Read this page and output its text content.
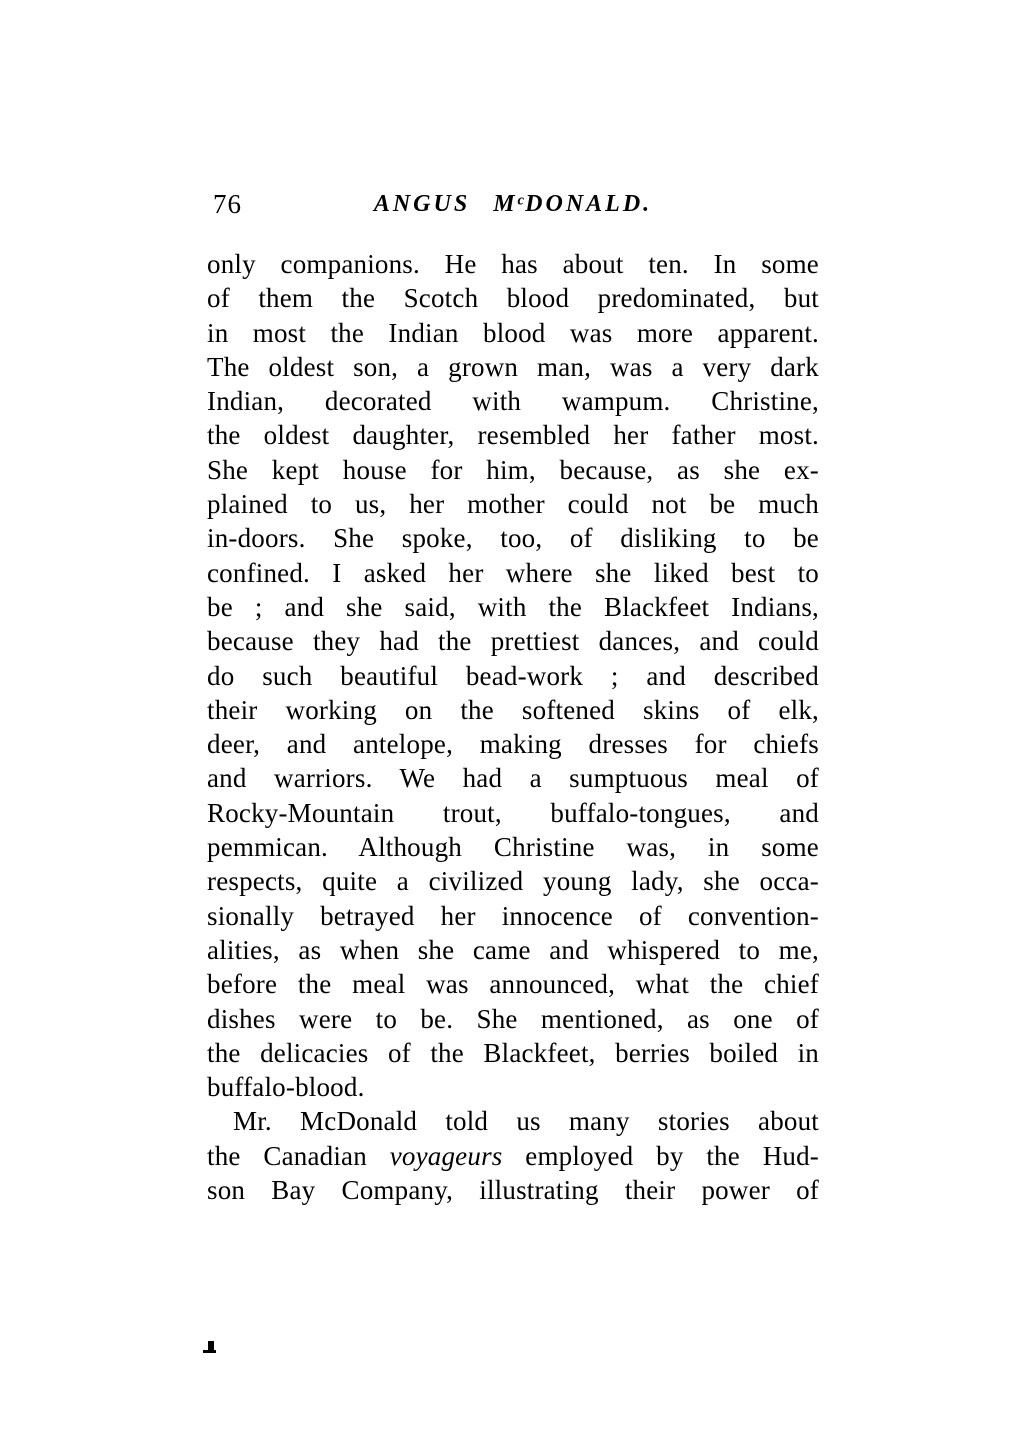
76	ANGUS $M^cDONALD$.
only companions. He has about ten. In some
of them the Scotch blood predominated, but
in most the Indian blood was more apparent.
The oldest son, a grown man, was a very dark
Indian, decorated with wampum. Christine,
the oldest daughter, resembled her father most.
She kept house for him, because, as she ex-
plained to us, her mother could not be much
in-doors. She spoke, too, of disliking to be
confined. I asked her where she liked best to
be ; and she said, with the Blackfeet Indians,
because they had the prettiest dances, and could
do such beautiful bead-work ; and described
their working on the softened skins of elk,
deer, and antelope, making dresses for chiefs
and warriors. We had a sumptuous meal of
Rocky-Mountain trout, buffalo-tongues, and
pemmican. Although Christine was, in some
respects, quite a civilized young lady, she occa-
sionally betrayed her innocence of convention-
alities, as when she came and whispered to me,
before the meal was announced, what the chief
dishes were to be. She mentioned, as one of
the delicacies of the Blackfeet, berries boiled in
buffalo-blood.
Mr. McDonald told us many stories about
the Canadian voyageurs employed by the Hud-
son Bay Company, illustrating their power of
